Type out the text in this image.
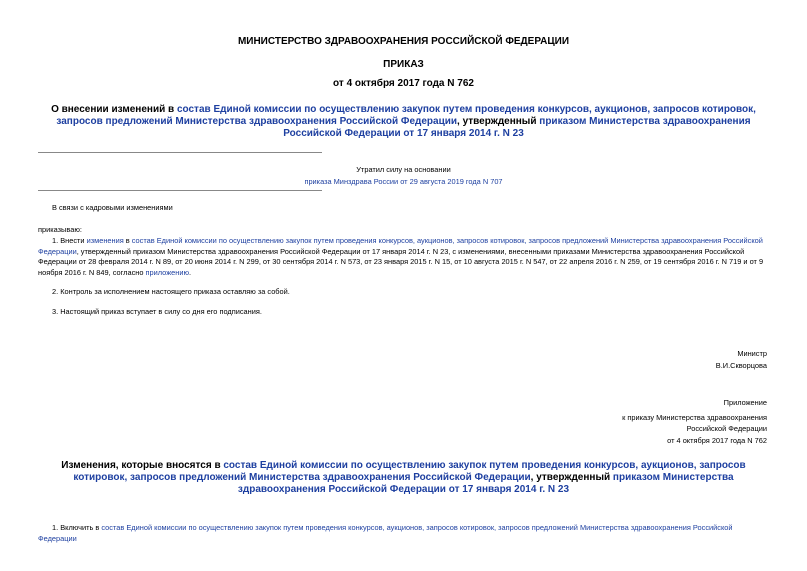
МИНИСТЕРСТВО ЗДРАВООХРАНЕНИЯ РОССИЙСКОЙ ФЕДЕРАЦИИ
ПРИКАЗ
от 4 октября 2017 года N 762
О внесении изменений в состав Единой комиссии по осуществлению закупок путем проведения конкурсов, аукционов, запросов котировок, запросов предложений Министерства здравоохранения Российской Федерации, утвержденный приказом Министерства здравоохранения Российской Федерации от 17 января 2014 г. N 23
Утратил силу на основании
приказа Минздрава России от 29 августа 2019 года N 707
В связи с кадровыми изменениями
приказываю:
1. Внести изменения в состав Единой комиссии по осуществлению закупок путем проведения конкурсов, аукционов, запросов котировок, запросов предложений Министерства здравоохранения Российской Федерации, утвержденный приказом Министерства здравоохранения Российской Федерации от 17 января 2014 г. N 23, с изменениями, внесенными приказами Министерства здравоохранения Российской Федерации от 28 февраля 2014 г. N 89, от 20 июня 2014 г. N 299, от 30 сентября 2014 г. N 573, от 23 января 2015 г. N 15, от 10 августа 2015 г. N 547, от 22 апреля 2016 г. N 259, от 19 сентября 2016 г. N 719 и от 9 ноября 2016 г. N 849, согласно приложению.
2. Контроль за исполнением настоящего приказа оставляю за собой.
3. Настоящий приказ вступает в силу со дня его подписания.
Министр
В.И.Скворцова
Приложение
к приказу Министерства здравоохранения
Российской Федерации
от 4 октября 2017 года N 762
Изменения, которые вносятся в состав Единой комиссии по осуществлению закупок путем проведения конкурсов, аукционов, запросов котировок, запросов предложений Министерства здравоохранения Российской Федерации, утвержденный приказом Министерства здравоохранения Российской Федерации от 17 января 2014 г. N 23
1. Включить в состав Единой комиссии по осуществлению закупок путем проведения конкурсов, аукционов, запросов котировок, запросов предложений Министерства здравоохранения Российской Федерации
